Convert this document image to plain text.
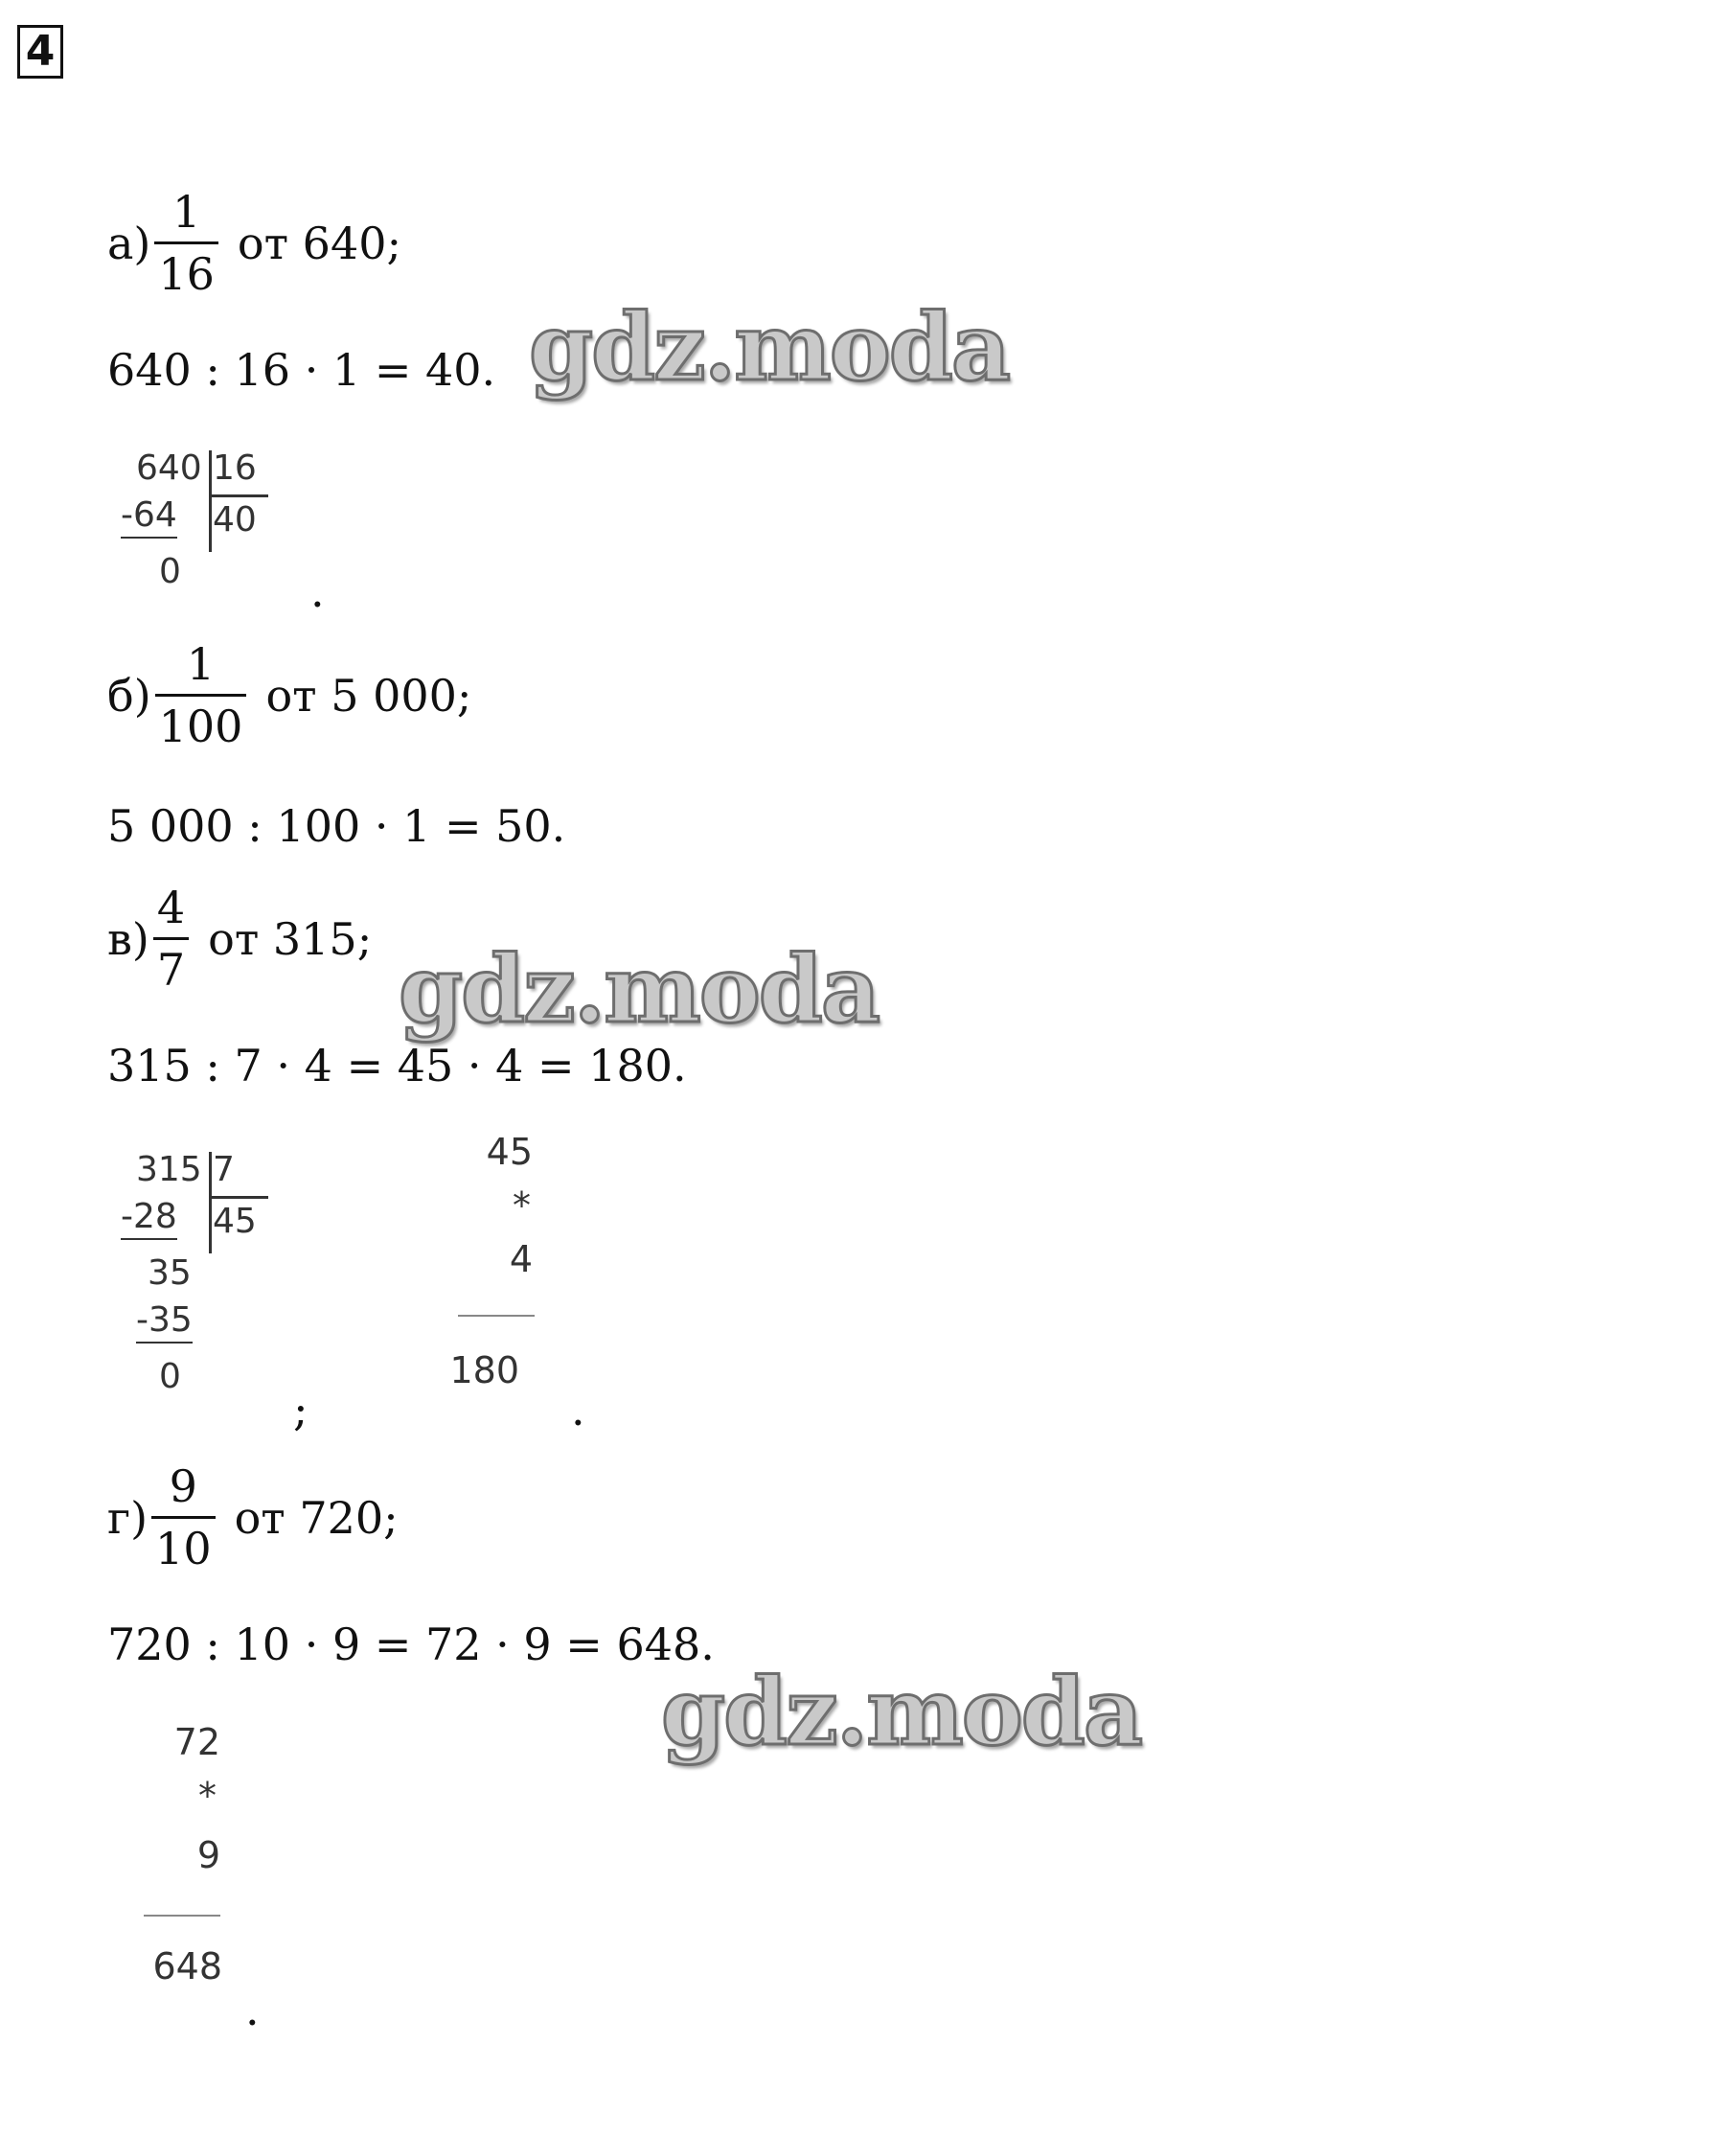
4
$а) \frac{1}{16}$ от 640;
640 : 16 · 1 = 40.
640 16
-64 40
0	.
$б) \frac{1}{100}$ от 5 000;
5 000 : 100 · 1 = 50.
$в) \frac{4}{7}$ от 315;
315 : 7 · 4 = 45 · 4 = 180.
315 7
-28 45
35
-35
0
;
45
*
4
180
.
$г) \frac{9}{10}$ от 720;
720 : 10 · 9 = 72 · 9 = 648.
72
*
9
648
.
gdz.moda
gdz.moda
gdz.moda
